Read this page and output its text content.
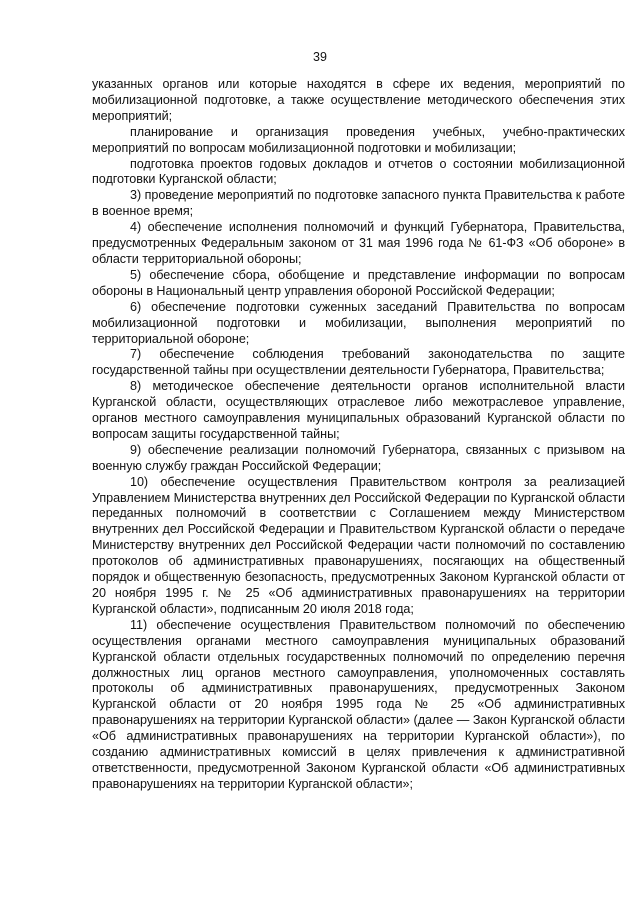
39

указанных органов или которые находятся в сфере их ведения, мероприятий по мобилизационной подготовке, а также осуществление методического обеспечения этих мероприятий;

планирование и организация проведения учебных, учебно-практических мероприятий по вопросам мобилизационной подготовки и мобилизации;

подготовка проектов годовых докладов и отчетов о состоянии мобилизационной подготовки Курганской области;

3) проведение мероприятий по подготовке запасного пункта Правительства к работе в военное время;

4) обеспечение исполнения полномочий и функций Губернатора, Правительства, предусмотренных Федеральным законом от 31 мая 1996 года № 61-ФЗ «Об обороне» в области территориальной обороны;

5) обеспечение сбора, обобщение и представление информации по вопросам обороны в Национальный центр управления обороной Российской Федерации;

6) обеспечение подготовки суженных заседаний Правительства по вопросам мобилизационной подготовки и мобилизации, выполнения мероприятий по территориальной обороне;

7) обеспечение соблюдения требований законодательства по защите государственной тайны при осуществлении деятельности Губернатора, Правительства;

8) методическое обеспечение деятельности органов исполнительной власти Курганской области, осуществляющих отраслевое либо межотраслевое управление, органов местного самоуправления муниципальных образований Курганской области по вопросам защиты государственной тайны;

9) обеспечение реализации полномочий Губернатора, связанных с призывом на военную службу граждан Российской Федерации;

10) обеспечение осуществления Правительством контроля за реализацией Управлением Министерства внутренних дел Российской Федерации по Курганской области переданных полномочий в соответствии с Соглашением между Министерством внутренних дел Российской Федерации и Правительством Курганской области о передаче Министерству внутренних дел Российской Федерации части полномочий по составлению протоколов об административных правонарушениях, посягающих на общественный порядок и общественную безопасность, предусмотренных Законом Курганской области от 20 ноября 1995 г. № 25 «Об административных правонарушениях на территории Курганской области», подписанным 20 июля 2018 года;

11) обеспечение осуществления Правительством полномочий по обеспечению осуществления органами местного самоуправления муниципальных образований Курганской области отдельных государственных полномочий по определению перечня должностных лиц органов местного самоуправления, уполномоченных составлять протоколы об административных правонарушениях, предусмотренных Законом Курганской области от 20 ноября 1995 года № 25 «Об административных правонарушениях на территории Курганской области» (далее — Закон Курганской области «Об административных правонарушениях на территории Курганской области»), по созданию административных комиссий в целях привлечения к административной ответственности, предусмотренной Законом Курганской области «Об административных правонарушениях на территории Курганской области»;
